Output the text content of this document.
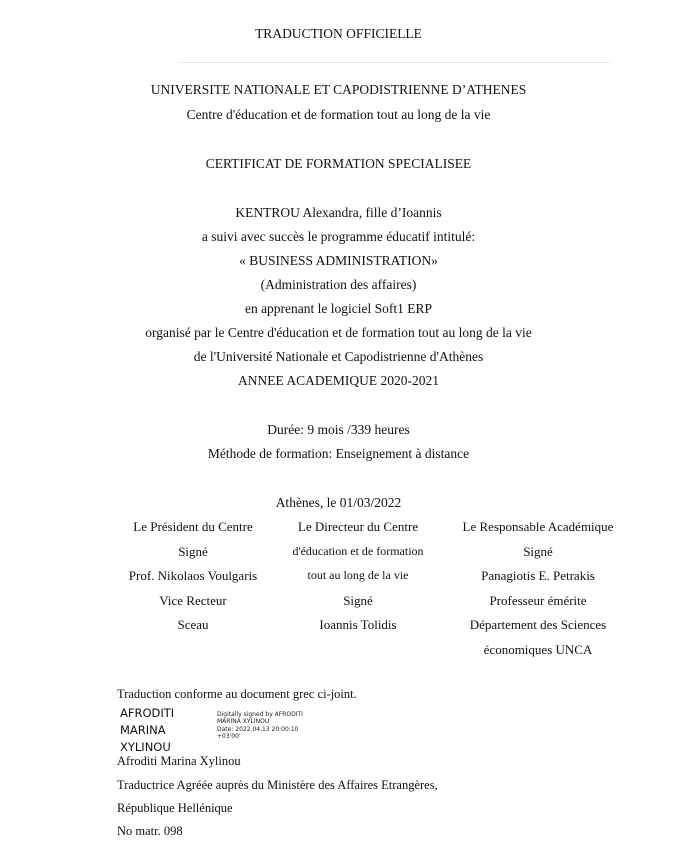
TRADUCTION OFFICIELLE
UNIVERSITE NATIONALE ET CAPODISTRIENNE D’ATHENES
Centre d'éducation et de formation tout au long de la vie
CERTIFICAT DE FORMATION SPECIALISEE
KENTROU Alexandra, fille d’Ioannis
a suivi avec succès le programme éducatif intitulé:
« BUSINESS ADMINISTRATION»
(Administration des affaires)
en apprenant le logiciel Soft1 ERP
organisé par le Centre d'éducation et de formation tout au long de la vie
de l'Université Nationale et Capodistrienne d'Athènes
ANNEE ACADEMIQUE 2020-2021
Durée: 9 mois /339 heures
Méthode de formation: Enseignement à distance
Athènes, le 01/03/2022
Le Président du Centre
Signé
Prof. Nikolaos Voulgaris
Vice Recteur
Sceau
Le Directeur du Centre
d'éducation et de formation
tout au long de la vie
Signé
Ioannis Tolidis
Le Responsable Académique
Signé
Panagiotis E. Petrakis
Professeur émérite
Département des Sciences
économiques UNCA
Traduction conforme au document grec ci-joint.
AFRODITI
MARINA
XYLINOU
Digitally signed by AFRODITI
MARINA XYLINOU
Date: 2022.04.13 20:00:10
+03'00'
Afroditi Marina Xylinou
Traductrice Agréée auprès du Ministère des Affaires Etrangères,
République Hellénique
No matr. 098
